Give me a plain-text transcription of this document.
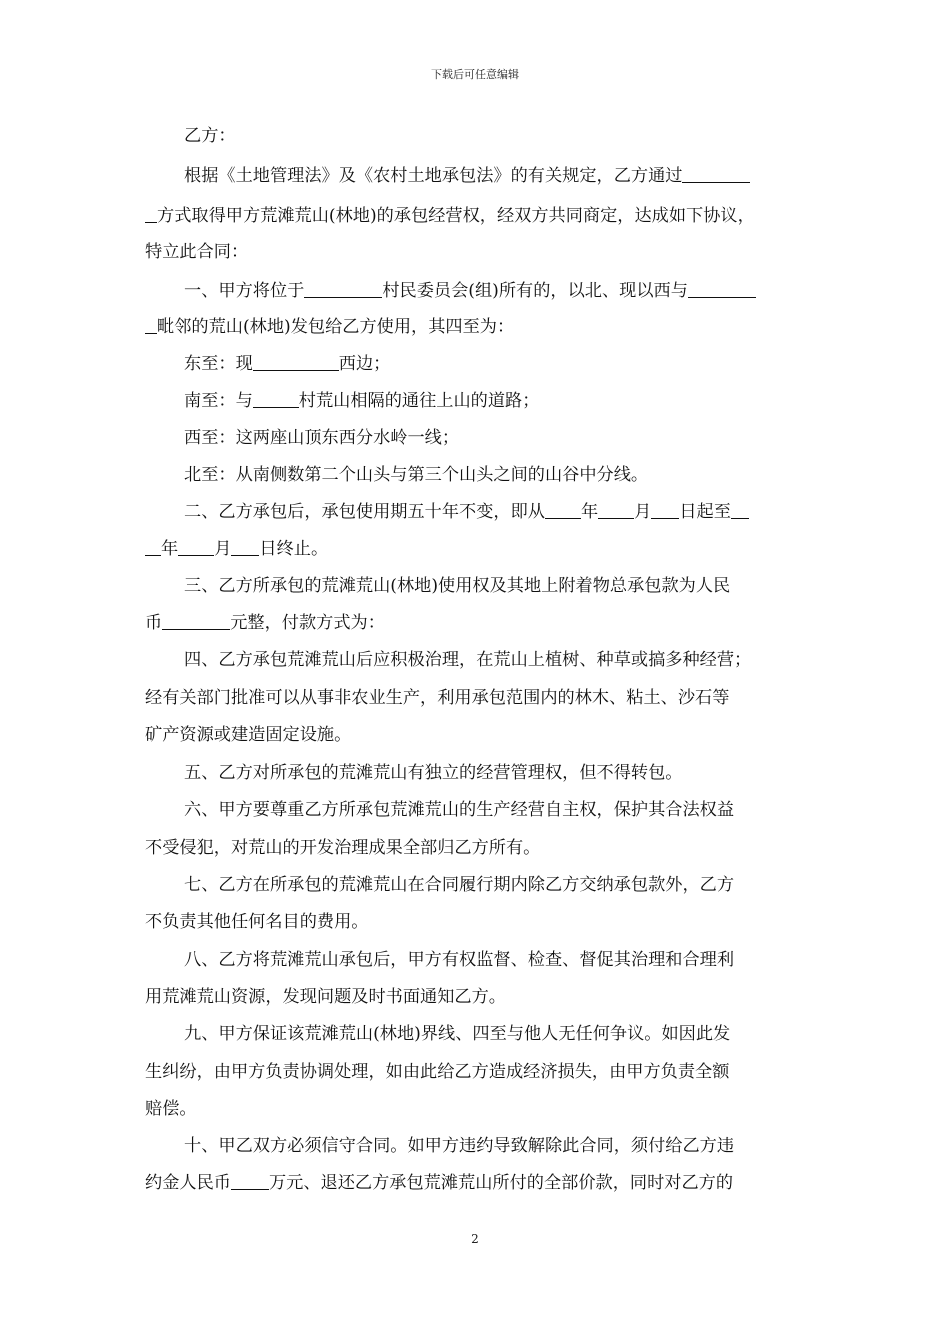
下载后可任意编辑
乙方：
根据《土地管理法》及《农村土地承包法》的有关规定，乙方通过
方式取得甲方荒滩荒山(林地)的承包经营权，经双方共同商定，达成如下协议，
特立此合同：
一、甲方将位于	村民委员会(组)所有的，以北、现以西与
毗邻的荒山(林地)发包给乙方使用，其四至为：
东至：现	西边；
南至：与	村荒山相隔的通往上山的道路；
西至：这两座山顶东西分水岭一线；
北至：从南侧数第二个山头与第三个山头之间的山谷中分线。
二、乙方承包后，承包使用期五十年不变，即从 年 月 日起至
年 月 日终止。
三、乙方所承包的荒滩荒山(林地)使用权及其地上附着物总承包款为人民
币	元整，付款方式为：
四、乙方承包荒滩荒山后应积极治理，在荒山上植树、种草或搞多种经营；
经有关部门批准可以从事非农业生产，利用承包范围内的林木、粘土、沙石等
矿产资源或建造固定设施。
五、乙方对所承包的荒滩荒山有独立的经营管理权，但不得转包。
六、甲方要尊重乙方所承包荒滩荒山的生产经营自主权，保护其合法权益
不受侵犯，对荒山的开发治理成果全部归乙方所有。
七、乙方在所承包的荒滩荒山在合同履行期内除乙方交纳承包款外，乙方
不负责其他任何名目的费用。
八、乙方将荒滩荒山承包后，甲方有权监督、检查、督促其治理和合理利
用荒滩荒山资源，发现问题及时书面通知乙方。
九、甲方保证该荒滩荒山(林地)界线、四至与他人无任何争议。如因此发
生纠纷，由甲方负责协调处理，如由此给乙方造成经济损失，由甲方负责全额
赔偿。
十、甲乙双方必须信守合同。如甲方违约导致解除此合同，须付给乙方违
约金人民币 万元、退还乙方承包荒滩荒山所付的全部价款，同时对乙方的
2
